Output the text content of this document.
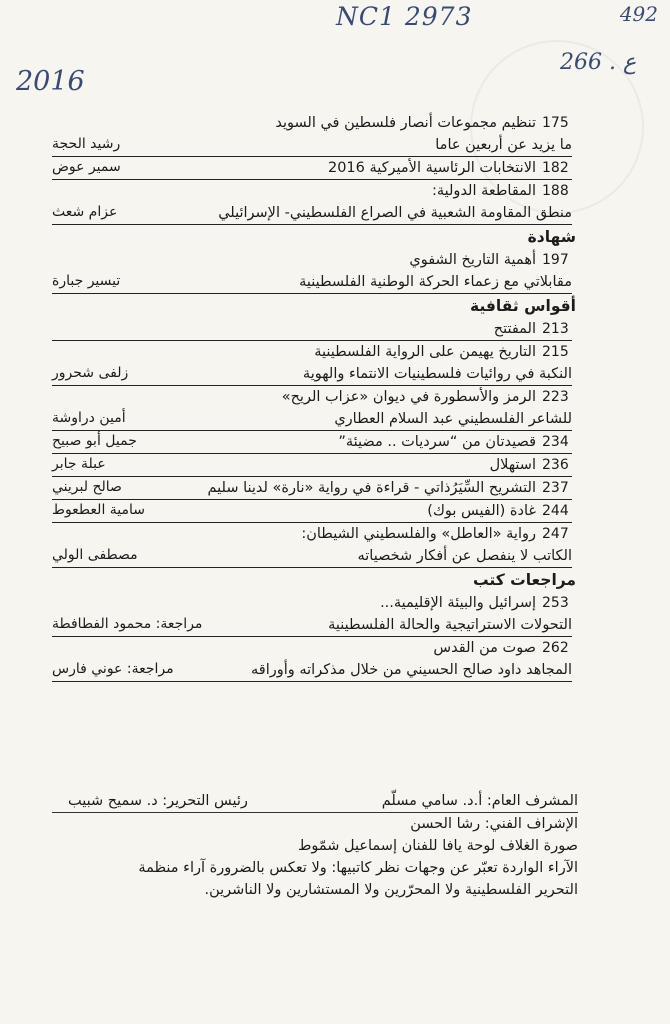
NC1 2973	492
266 . ع
2016
175تنظيم مجموعات أنصار فلسطين في السويد
ما يزيد عن أربعين عاما
رشيد الحجة
182الانتخابات الرئاسية الأميركية 2016
سمير عوض
188المقاطعة الدولية:
منطق المقاومة الشعبية في الصراع الفلسطيني- الإسرائيلي
عزام شعث
شهادة
197أهمية التاريخ الشفوي
مقابلاتي مع زعماء الحركة الوطنية الفلسطينية
تيسير جبارة
أقواس ثقافية
213المفتتح
215التاريخ يهيمن على الرواية الفلسطينية
النكبة في روائيات فلسطينيات الانتماء والهوية
زلفى شحرور
223الرمز والأسطورة في ديوان «عزاب الريح»
للشاعر الفلسطيني عبد السلام العطاري
أمين دراوشة
234قصيدتان من “سرديات .. مضيئة”
جميل أبو صبيح
236استهلال
عبلة جابر
237التشريح السِّيَرُذاتي - قراءة في رواية «نارة» لدينا سليم
صالح لبريني
244غادة (الفيس بوك)
سامية العطعوط
247رواية «العاطل» والفلسطيني الشيطان:
الكاتب لا ينفصل عن أفكار شخصياته
مصطفى الولي
مراجعات كتب
253إسرائيل والبيئة الإقليمية...
التحولات الاستراتيجية والحالة الفلسطينية
مراجعة: محمود الفطافطة
262صوت من القدس
المجاهد داود صالح الحسيني من خلال مذكراته وأوراقه
مراجعة: عوني فارس
المشرف العام: أ.د. سامي مسلّم
رئيس التحرير: د. سميح شبيب
الإشراف الفني: رشا الحسن
صورة الغلاف لوحة يافا للفنان إسماعيل شمّوط
الآراء الواردة تعبّر عن وجهات نظر كاتبيها: ولا تعكس بالضرورة آراء منظمة
التحرير الفلسطينية ولا المحرّرين ولا المستشارين ولا الناشرين.
